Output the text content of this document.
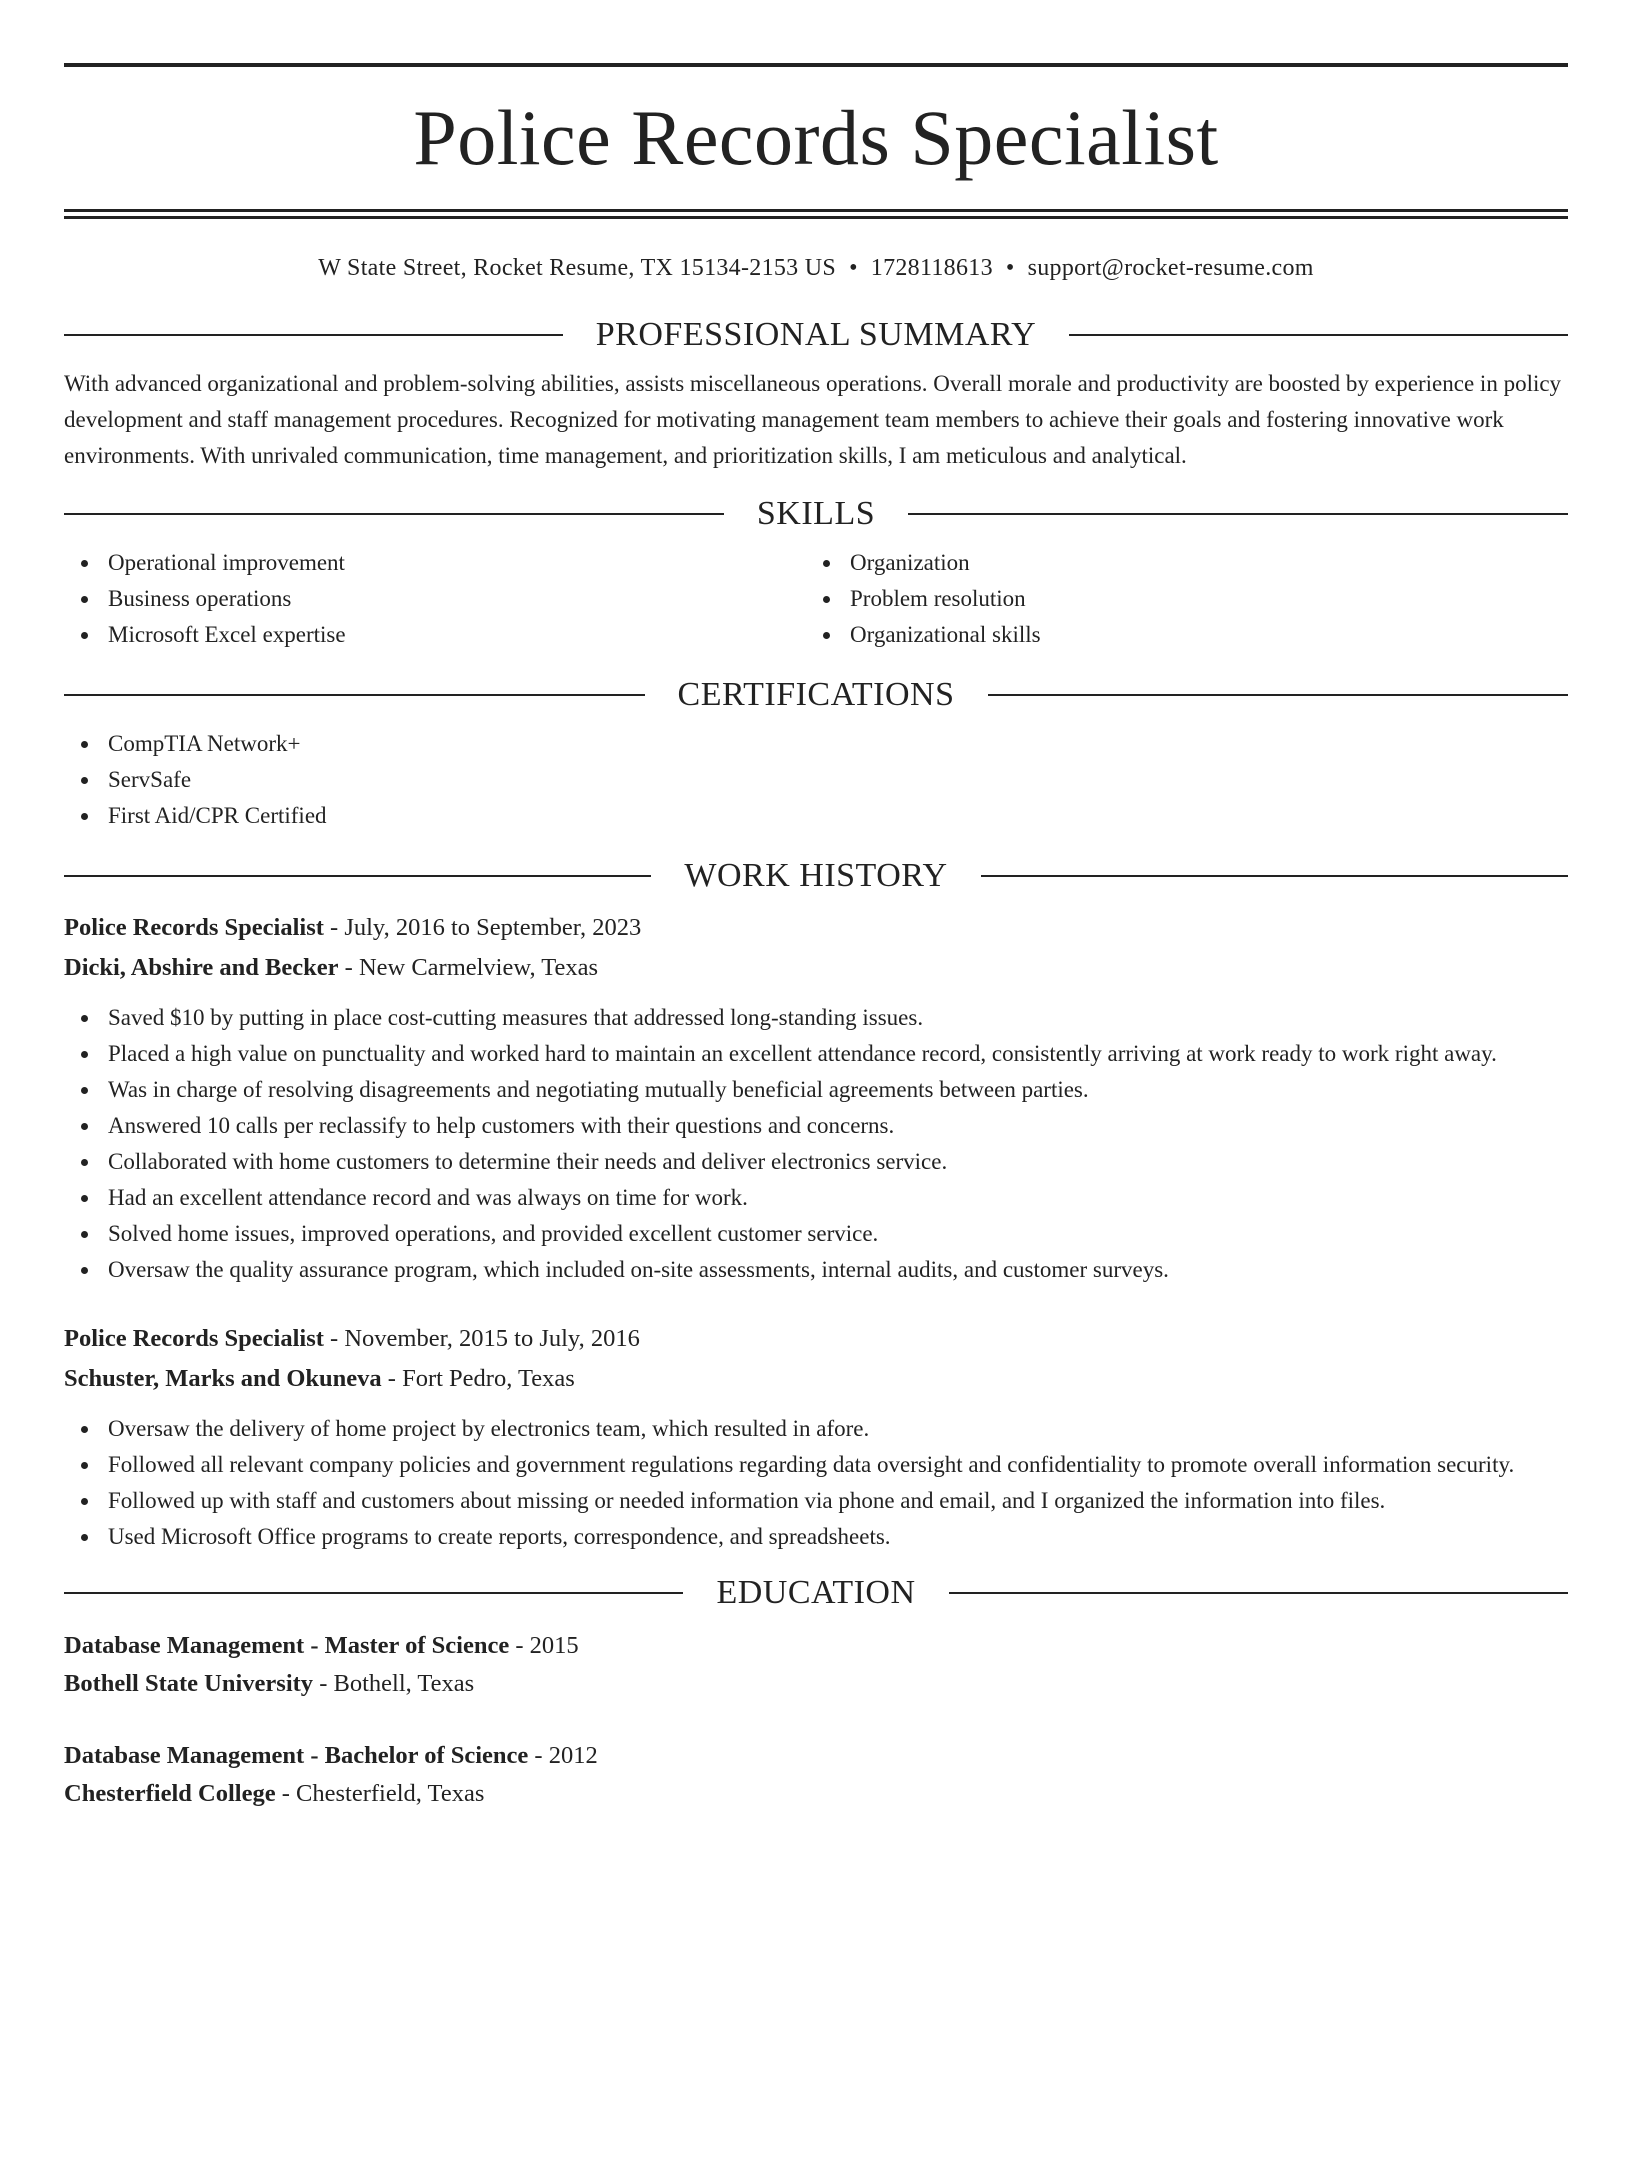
Police Records Specialist
W State Street, Rocket Resume, TX 15134-2153 US • 1728118613 • support@rocket-resume.com
PROFESSIONAL SUMMARY

With advanced organizational and problem-solving abilities, assists miscellaneous operations. Overall morale and productivity are boosted by experience in policy development and staff management procedures. Recognized for motivating management team members to achieve their goals and fostering innovative work environments. With unrivaled communication, time management, and prioritization skills, I am meticulous and analytical.

SKILLS
Operational improvement
Business operations
Microsoft Excel expertise
Organization
Problem resolution
Organizational skills
CERTIFICATIONS
CompTIA Network+
ServSafe
First Aid/CPR Certified
WORK HISTORY
Police Records Specialist - July, 2016 to September, 2023
Dicki, Abshire and Becker - New Carmelview, Texas
Saved $10 by putting in place cost-cutting measures that addressed long-standing issues.
Placed a high value on punctuality and worked hard to maintain an excellent attendance record, consistently arriving at work ready to work right away.
Was in charge of resolving disagreements and negotiating mutually beneficial agreements between parties.
Answered 10 calls per reclassify to help customers with their questions and concerns.
Collaborated with home customers to determine their needs and deliver electronics service.
Had an excellent attendance record and was always on time for work.
Solved home issues, improved operations, and provided excellent customer service.
Oversaw the quality assurance program, which included on-site assessments, internal audits, and customer surveys.
Police Records Specialist - November, 2015 to July, 2016
Schuster, Marks and Okuneva - Fort Pedro, Texas
Oversaw the delivery of home project by electronics team, which resulted in afore.
Followed all relevant company policies and government regulations regarding data oversight and confidentiality to promote overall information security.
Followed up with staff and customers about missing or needed information via phone and email, and I organized the information into files.
Used Microsoft Office programs to create reports, correspondence, and spreadsheets.
EDUCATION
Database Management - Master of Science - 2015
Bothell State University - Bothell, Texas
Database Management - Bachelor of Science - 2012
Chesterfield College - Chesterfield, Texas
